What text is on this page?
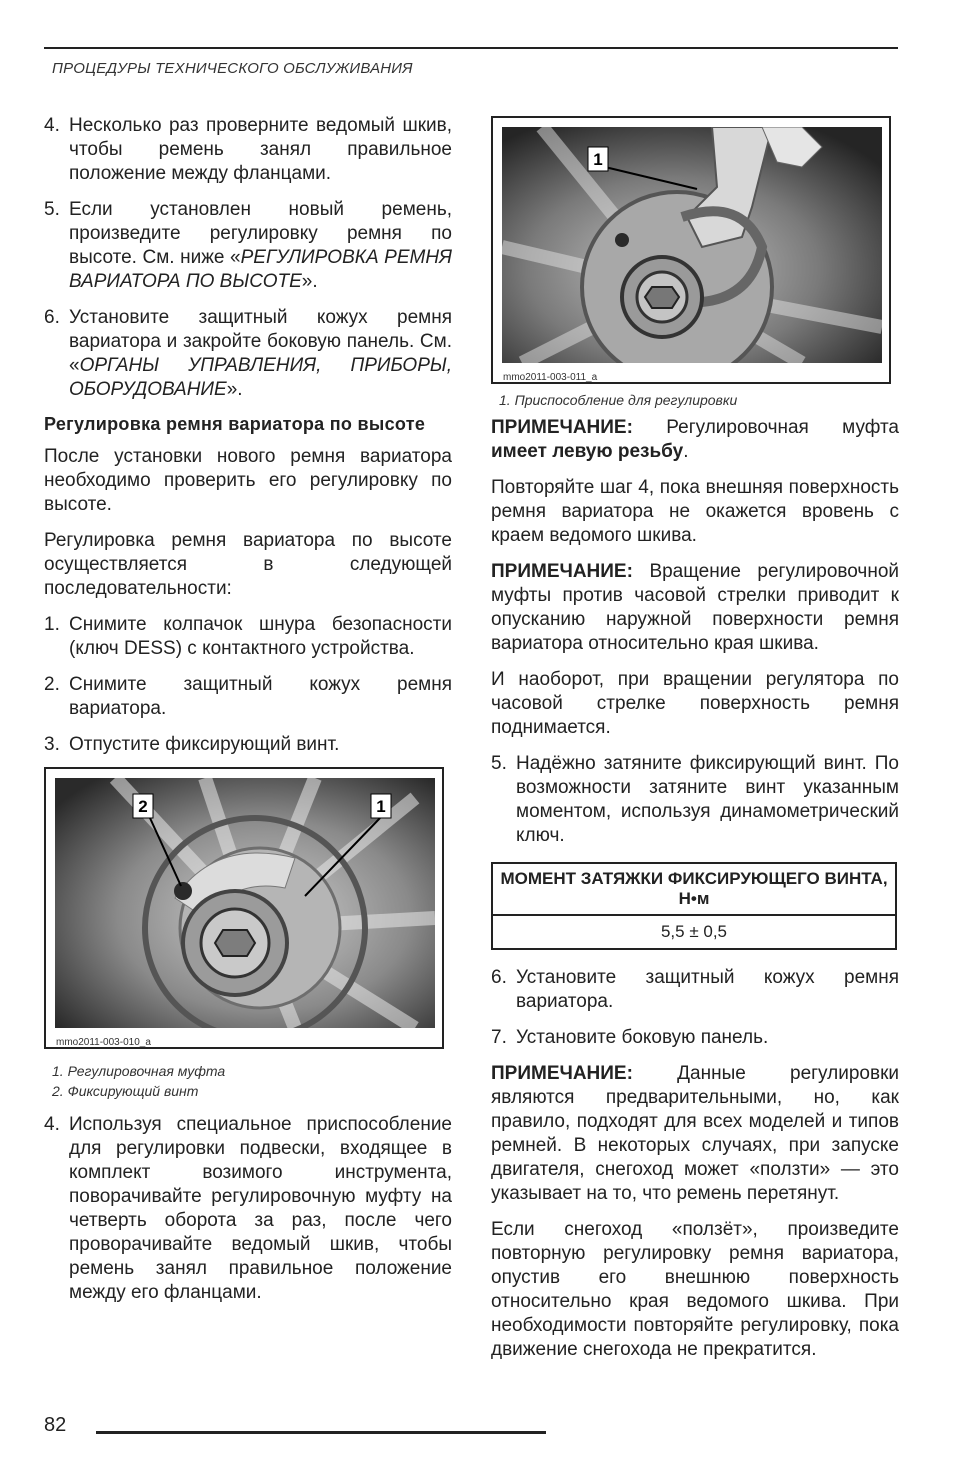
ПРОЦЕДУРЫ ТЕХНИЧЕСКОГО ОБСЛУЖИВАНИЯ
4. Несколько раз проверните ведомый шкив, чтобы ремень занял правильное положение между фланцами.
5. Если установлен новый ремень, произведите регулировку ремня по высоте. См. ниже «РЕГУЛИРОВКА РЕМНЯ ВАРИАТОРА ПО ВЫСОТЕ».
6. Установите защитный кожух ремня вариатора и закройте боковую панель. См. «ОРГАНЫ УПРАВЛЕНИЯ, ПРИБОРЫ, ОБОРУДОВАНИЕ».
Регулировка ремня вариатора по высоте

После установки нового ремня вариатора необходимо проверить его регулировку по высоте.

Регулировка ремня вариатора по высоте осуществляется в следующей последовательности:

1. Снимите колпачок шнура безопасности (ключ DESS) с контактного устройства.
2. Снимите защитный кожух ремня вариатора.
3. Отпустите фиксирующий винт.
2	1
mmo2011-003-010_a
1. Регулировочная муфта
2. Фиксирующий винт
4. Используя специальное приспособление для регулировки подвески, входящее в комплект возимого инструмента, поворачивайте регулировочную муфту на четверть оборота за раз, после чего проворачивайте ведомый шкив, чтобы ремень занял правильное положение между его фланцами.
1
mmo2011-003-011_a
1. Приспособление для регулировки

ПРИМЕЧАНИЕ: Регулировочная муфта имеет левую резьбу.

Повторяйте шаг 4, пока внешняя поверхность ремня вариатора не окажется вровень с краем ведомого шкива.

ПРИМЕЧАНИЕ: Вращение регулировочной муфты против часовой стрелки приводит к опусканию наружной поверхности ремня вариатора относительно края шкива.

И наоборот, при вращении регулятора по часовой стрелке поверхность ремня поднимается.

5. Надёжно затяните фиксирующий винт. По возможности затяните винт указанным моментом, используя динамометрический ключ.
МОМЕНТ ЗАТЯЖКИ ФИКСИРУЮЩЕГО ВИНТА, Н•м
5,5 ± 0,5
6. Установите защитный кожух ремня вариатора.
7. Установите боковую панель.

ПРИМЕЧАНИЕ: Данные регулировки являются предварительными, но, как правило, подходят для всех моделей и типов ремней. В некоторых случаях, при запуске двигателя, снегоход может «ползти» — это указывает на то, что ремень перетянут.

Если снегоход «ползёт», произведите повторную регулировку ремня вариатора, опустив его внешнюю поверхность относительно края ведомого шкива. При необходимости повторяйте регулировку, пока движение снегохода не прекратится.

82
